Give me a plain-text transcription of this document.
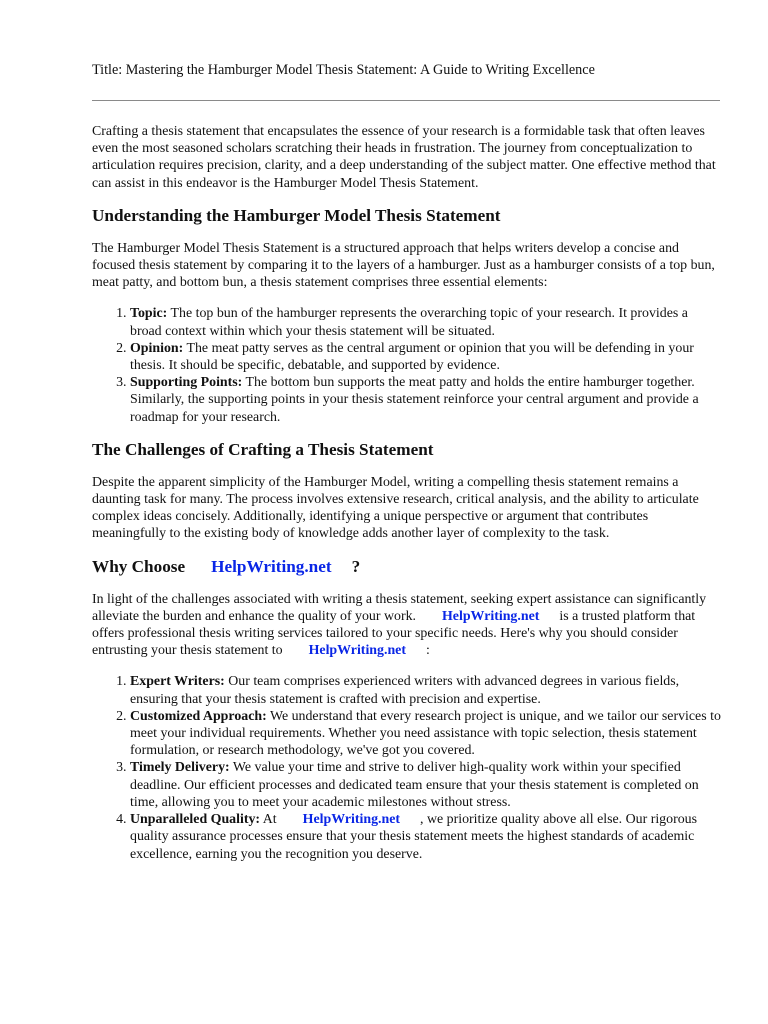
Title: Mastering the Hamburger Model Thesis Statement: A Guide to Writing Excellence

Crafting a thesis statement that encapsulates the essence of your research is a formidable task that often leaves even the most seasoned scholars scratching their heads in frustration. The journey from conceptualization to articulation requires precision, clarity, and a deep understanding of the subject matter. One effective method that can assist in this endeavor is the Hamburger Model Thesis Statement.

Understanding the Hamburger Model Thesis Statement

The Hamburger Model Thesis Statement is a structured approach that helps writers develop a concise and focused thesis statement by comparing it to the layers of a hamburger. Just as a hamburger consists of a top bun, meat patty, and bottom bun, a thesis statement comprises three essential elements:

1. Topic: The top bun of the hamburger represents the overarching topic of your research. It provides a broad context within which your thesis statement will be situated.
2. Opinion: The meat patty serves as the central argument or opinion that you will be defending in your thesis. It should be specific, debatable, and supported by evidence.
3. Supporting Points: The bottom bun supports the meat patty and holds the entire hamburger together. Similarly, the supporting points in your thesis statement reinforce your central argument and provide a roadmap for your research.
The Challenges of Crafting a Thesis Statement

Despite the apparent simplicity of the Hamburger Model, writing a compelling thesis statement remains a daunting task for many. The process involves extensive research, critical analysis, and the ability to articulate complex ideas concisely. Additionally, identifying a unique perspective or argument that contributes meaningfully to the existing body of knowledge adds another layer of complexity to the task.

Why Choose HelpWriting.net ?

In light of the challenges associated with writing a thesis statement, seeking expert assistance can significantly alleviate the burden and enhance the quality of your work. HelpWriting.net is a trusted platform that offers professional thesis writing services tailored to your specific needs. Here's why you should consider entrusting your thesis statement to HelpWriting.net :

1. Expert Writers: Our team comprises experienced writers with advanced degrees in various fields, ensuring that your thesis statement is crafted with precision and expertise.
2. Customized Approach: We understand that every research project is unique, and we tailor our services to meet your individual requirements. Whether you need assistance with topic selection, thesis statement formulation, or research methodology, we've got you covered.
3. Timely Delivery: We value your time and strive to deliver high-quality work within your specified deadline. Our efficient processes and dedicated team ensure that your thesis statement is completed on time, allowing you to meet your academic milestones without stress.
4. Unparalleled Quality: At HelpWriting.net , we prioritize quality above all else. Our rigorous quality assurance processes ensure that your thesis statement meets the highest standards of academic excellence, earning you the recognition you deserve.
